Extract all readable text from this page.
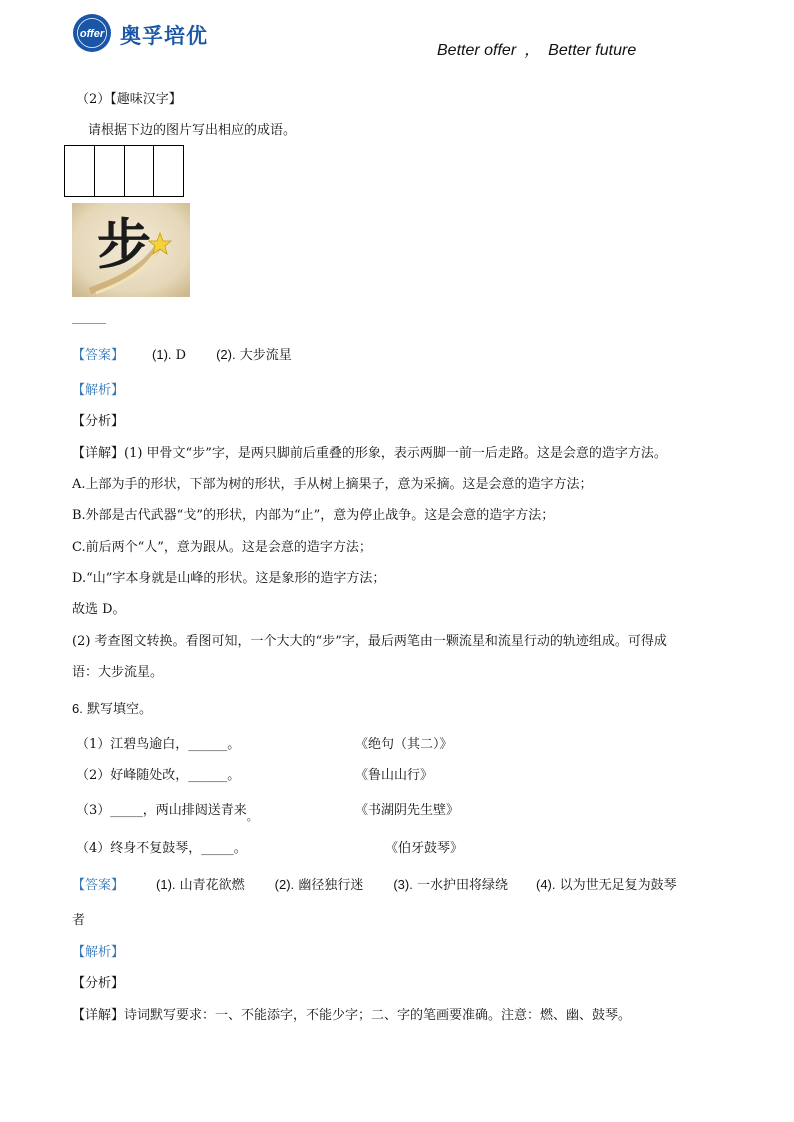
offer 奥孚培优
Better offer ， Better future
（2）【趣味汉字】
请根据下边的图片写出相应的成语。
步
【答案】 (1). D (2). 大步流星
【解析】
【分析】
【详解】(1) 甲骨文“步”字，是两只脚前后重叠的形象，表示两脚一前一后走路。这是会意的造字方法。
A.上部为手的形状，下部为树的形状，手从树上摘果子，意为采摘。这是会意的造字方法；
B.外部是古代武器“戈”的形状，内部为“止”，意为停止战争。这是会意的造字方法；
C.前后两个“人”，意为跟从。这是会意的造字方法；
D.“山”字本身就是山峰的形状。这是象形的造字方法；
故选 D。
(2) 考查图文转换。看图可知，一个大大的“步”字，最后两笔由一颗流星和流星行动的轨迹组成。可得成
语：大步流星。
6. 默写填空。
（1）江碧鸟逾白，______。	《绝句（其二）》
（2）好峰随处改，______。	《鲁山山行》
（3）_____，两山排闼送青来$_。$	《书湖阴先生壁》
（4）终身不复鼓琴，_____。	《伯牙鼓琴》
【答案】 (1). 山青花欲燃 (2). 幽径独行迷 (3). 一水护田将绿绕 (4). 以为世无足复为鼓琴
者
【解析】
【分析】
【详解】诗词默写要求：一、不能添字，不能少字；二、字的笔画要准确。注意：燃、幽、鼓琴。
